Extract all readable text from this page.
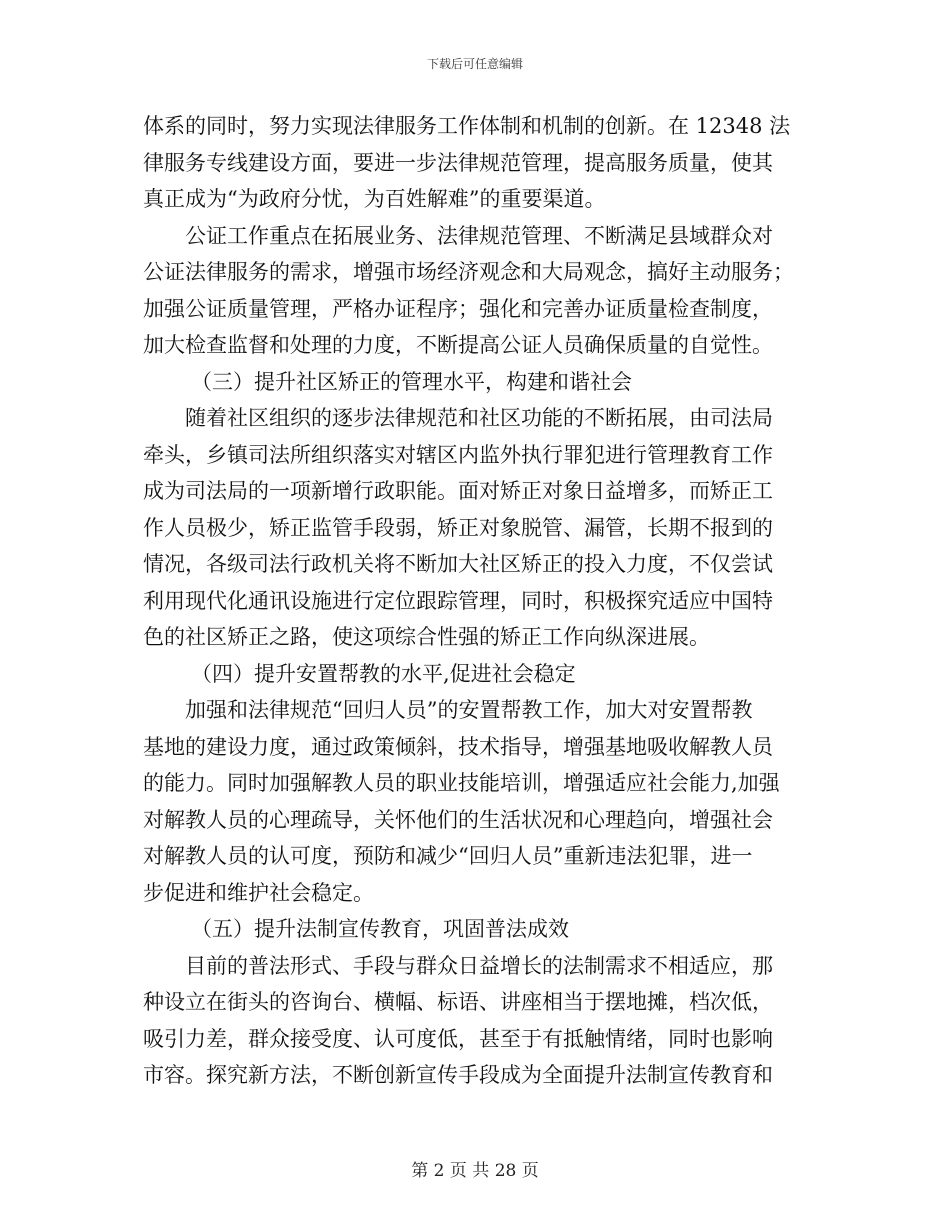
下载后可任意编辑
体系的同时，努力实现法律服务工作体制和机制的创新。在 12348 法
律服务专线建设方面，要进一步法律规范管理，提高服务质量，使其
真正成为“为政府分忧，为百姓解难”的重要渠道。
公证工作重点在拓展业务、法律规范管理、不断满足县域群众对
公证法律服务的需求，增强市场经济观念和大局观念，搞好主动服务；
加强公证质量管理，严格办证程序；强化和完善办证质量检查制度，
加大检查监督和处理的力度，不断提高公证人员确保质量的自觉性。
（三）提升社区矫正的管理水平，构建和谐社会
随着社区组织的逐步法律规范和社区功能的不断拓展，由司法局
牵头，乡镇司法所组织落实对辖区内监外执行罪犯进行管理教育工作
成为司法局的一项新增行政职能。面对矫正对象日益增多，而矫正工
作人员极少，矫正监管手段弱，矫正对象脱管、漏管，长期不报到的
情况，各级司法行政机关将不断加大社区矫正的投入力度，不仅尝试
利用现代化通讯设施进行定位跟踪管理，同时，积极探究适应中国特
色的社区矫正之路，使这项综合性强的矫正工作向纵深进展。
（四）提升安置帮教的水平,促进社会稳定
加强和法律规范“回归人员”的安置帮教工作，加大对安置帮教
基地的建设力度，通过政策倾斜，技术指导，增强基地吸收解教人员
的能力。同时加强解教人员的职业技能培训，增强适应社会能力,加强
对解教人员的心理疏导，关怀他们的生活状况和心理趋向，增强社会
对解教人员的认可度，预防和减少“回归人员”重新违法犯罪，进一
步促进和维护社会稳定。
（五）提升法制宣传教育，巩固普法成效
目前的普法形式、手段与群众日益增长的法制需求不相适应，那
种设立在街头的咨询台、横幅、标语、讲座相当于摆地摊，档次低，
吸引力差，群众接受度、认可度低，甚至于有抵触情绪，同时也影响
市容。探究新方法，不断创新宣传手段成为全面提升法制宣传教育和
第 2 页 共 28 页
